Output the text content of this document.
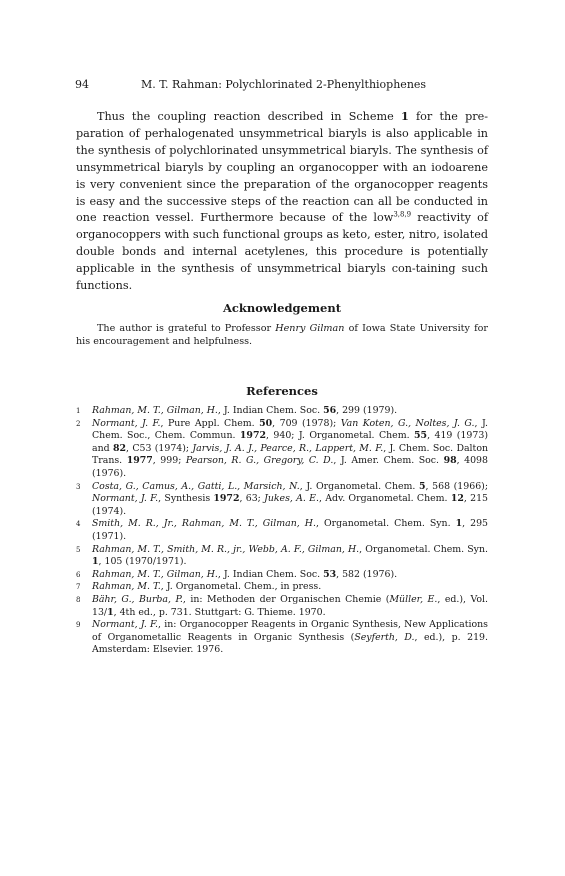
94	M. T. Rahman: Polychlorinated 2-Phenylthiophenes

Thus the coupling reaction described in Scheme 1 for the pre-paration of perhalogenated unsymmetrical biaryls is also applicable in the synthesis of polychlorinated unsymmetrical biaryls. The synthesis of unsymmetrical biaryls by coupling an organocopper with an iodoarene is very convenient since the preparation of the organocopper reagents is easy and the successive steps of the reaction can all be conducted in one reaction vessel. Furthermore because of the low$^{3,8,9}$ reactivity of organocoppers with such functional groups as keto, ester, nitro, isolated double bonds and internal acetylenes, this procedure is potentially applicable in the synthesis of unsymmetrical biaryls con-taining such functions.

Acknowledgement

The author is grateful to Professor Henry Gilman of Iowa State University for his encouragement and helpfulness.

References

1 Rahman, M. T., Gilman, H., J. Indian Chem. Soc. 56, 299 (1979).

2 Normant, J. F., Pure Appl. Chem. 50, 709 (1978); Van Koten, G., Noltes, J. G., J. Chem. Soc., Chem. Commun. 1972, 940; J. Organometal. Chem. 55, 419 (1973) and 82, C53 (1974); Jarvis, J. A. J., Pearce, R., Lappert, M. F., J. Chem. Soc. Dalton Trans. 1977, 999; Pearson, R. G., Gregory, C. D., J. Amer. Chem. Soc. 98, 4098 (1976).

3 Costa, G., Camus, A., Gatti, L., Marsich, N., J. Organometal. Chem. 5, 568 (1966); Normant, J. F., Synthesis 1972, 63; Jukes, A. E., Adv. Organometal. Chem. 12, 215 (1974).

4 Smith, M. R., Jr., Rahman, M. T., Gilman, H., Organometal. Chem. Syn. 1, 295 (1971).

5 Rahman, M. T., Smith, M. R., jr., Webb, A. F., Gilman, H., Organometal. Chem. Syn. 1, 105 (1970/1971).

6 Rahman, M. T., Gilman, H., J. Indian Chem. Soc. 53, 582 (1976).

7 Rahman, M. T., J. Organometal. Chem., in press.

8 Bähr, G., Burba, P., in: Methoden der Organischen Chemie (Müller, E., ed.), Vol. 13/1, 4th ed., p. 731. Stuttgart: G. Thieme. 1970.

9 Normant, J. F., in: Organocopper Reagents in Organic Synthesis, New Applications of Organometallic Reagents in Organic Synthesis (Seyferth, D., ed.), p. 219. Amsterdam: Elsevier. 1976.
